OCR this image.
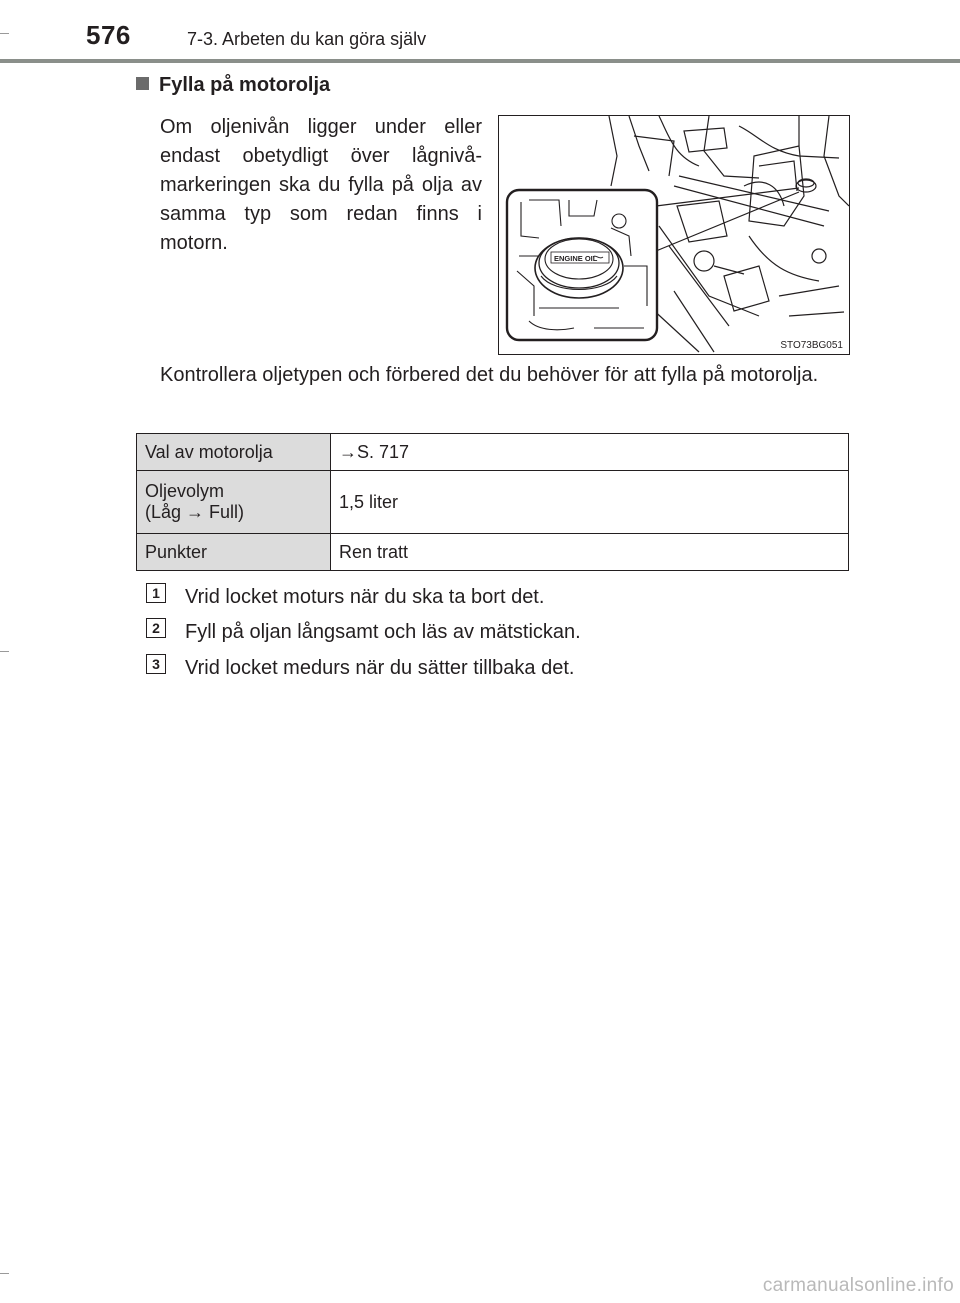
576	7-3. Arbeten du kan göra själv
Fylla på motorolja

Om oljenivån ligger under eller endast obetydligt över lågnivå-markeringen ska du fylla på olja av samma typ som redan finns i motorn.

ENGINE OIL
STO73BG051

Kontrollera oljetypen och förbered det du behöver för att fylla på motorolja.

Val av motorolja	→S. 717

Oljevolym
(Låg → Full)	1,5 liter

Punkter	Ren tratt
1	Vrid locket moturs när du ska ta bort det.
2	Fyll på oljan långsamt och läs av mätstickan.
3	Vrid locket medurs när du sätter tillbaka det.
carmanualsonline.info
